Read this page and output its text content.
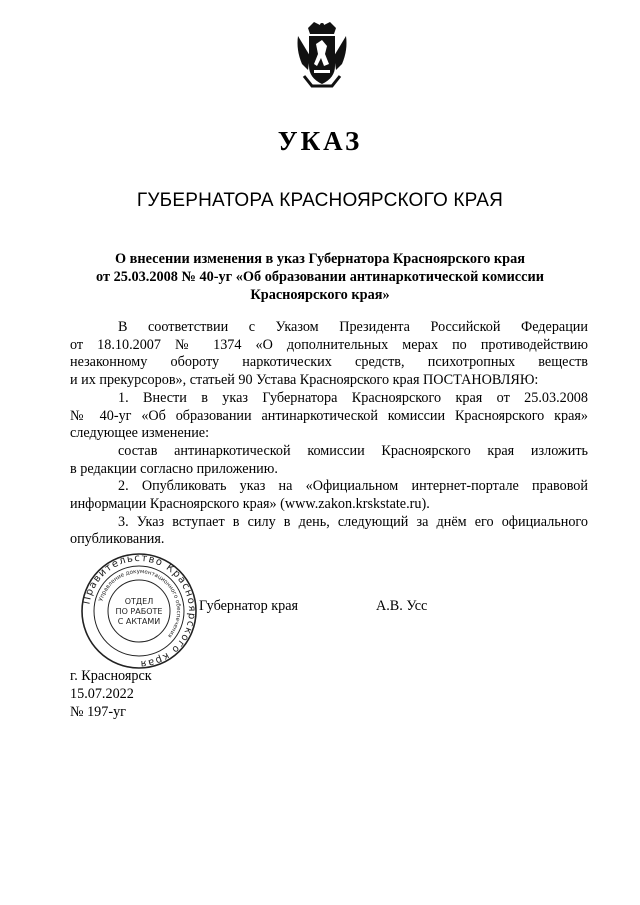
УКАЗ
ГУБЕРНАТОРА КРАСНОЯРСКОГО КРАЯ
О внесении изменения в указ Губернатора Красноярского края
от 25.03.2008 № 40-уг «Об образовании антинаркотической комиссии
Красноярского края»
В соответствии с Указом Президента Российской Федерации
от 18.10.2007 № 1374 «О дополнительных мерах по противодействию
незаконному обороту наркотических средств, психотропных веществ
и их прекурсоров», статьей 90 Устава Красноярского края ПОСТАНОВЛЯЮ:
1. Внести в указ Губернатора Красноярского края от 25.03.2008
№ 40-уг «Об образовании антинаркотической комиссии Красноярского края»
следующее изменение:
состав антинаркотической комиссии Красноярского края изложить
в редакции согласно приложению.
2. Опубликовать указ на «Официальном интернет-портале правовой
информации Красноярского края» (www.zakon.krskstate.ru).
3. Указ вступает в силу в день, следующий за днём его официального
опубликования.
Правительство Красноярского края
Управление документационного обеспечения
ОТДЕЛ
ПО РАБОТЕ
С АКТАМИ
Губернатор края	А.В. Усс
г. Красноярск
15.07.2022
№ 197-уг
